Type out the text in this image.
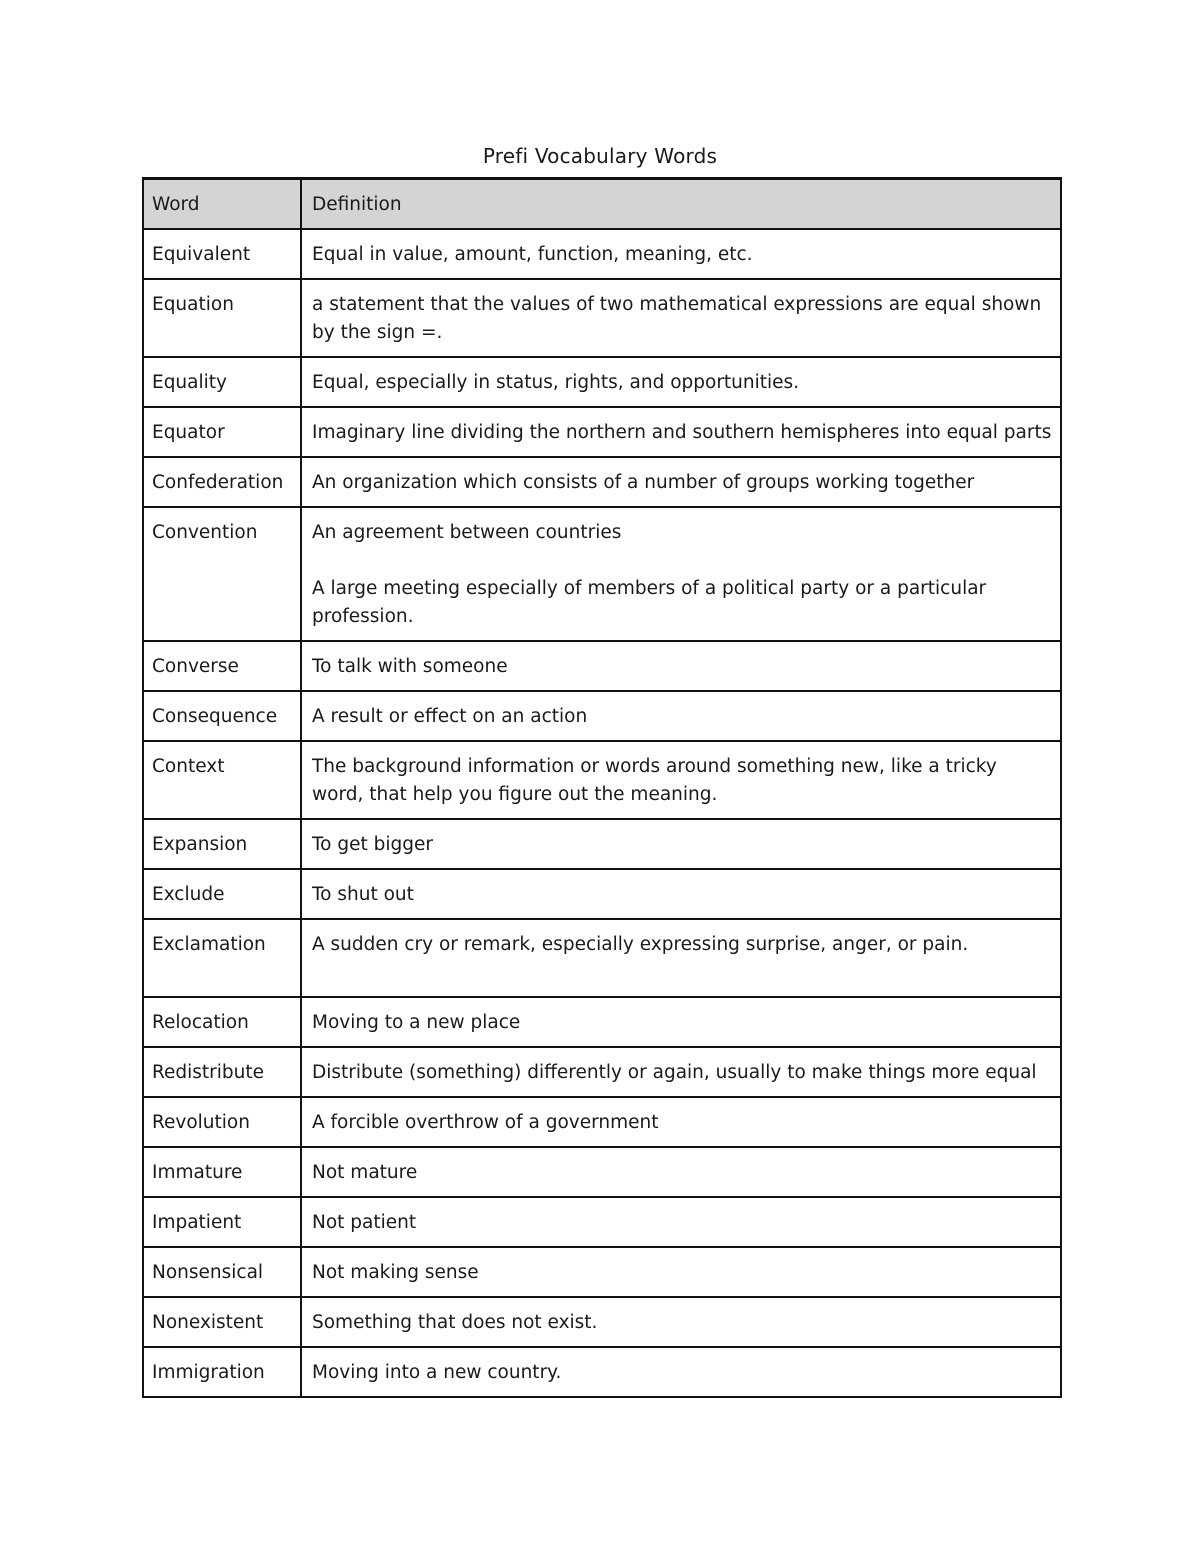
Prefi Vocabulary Words
Word	Definition
Equivalent	Equal in value, amount, function, meaning, etc.

Equation	a statement that the values of two mathematical expressions are equal shown by the sign =.

Equality	Equal, especially in status, rights, and opportunities.

Equator	Imaginary line dividing the northern and southern hemispheres into equal parts

Confederation	An organization which consists of a number of groups working together

Convention	An agreement between countries
A large meeting especially of members of a political party or a particular profession.

Converse	To talk with someone

Consequence	A result or effect on an action

Context	The background information or words around something new, like a tricky word, that help you figure out the meaning.

Expansion	To get bigger

Exclude	To shut out

Exclamation	A sudden cry or remark, especially expressing surprise, anger, or pain.

Relocation	Moving to a new place

Redistribute	Distribute (something) differently or again, usually to make things more equal

Revolution	A forcible overthrow of a government

Immature	Not mature

Impatient	Not patient

Nonsensical	Not making sense

Nonexistent	Something that does not exist.

Immigration	Moving into a new country.
